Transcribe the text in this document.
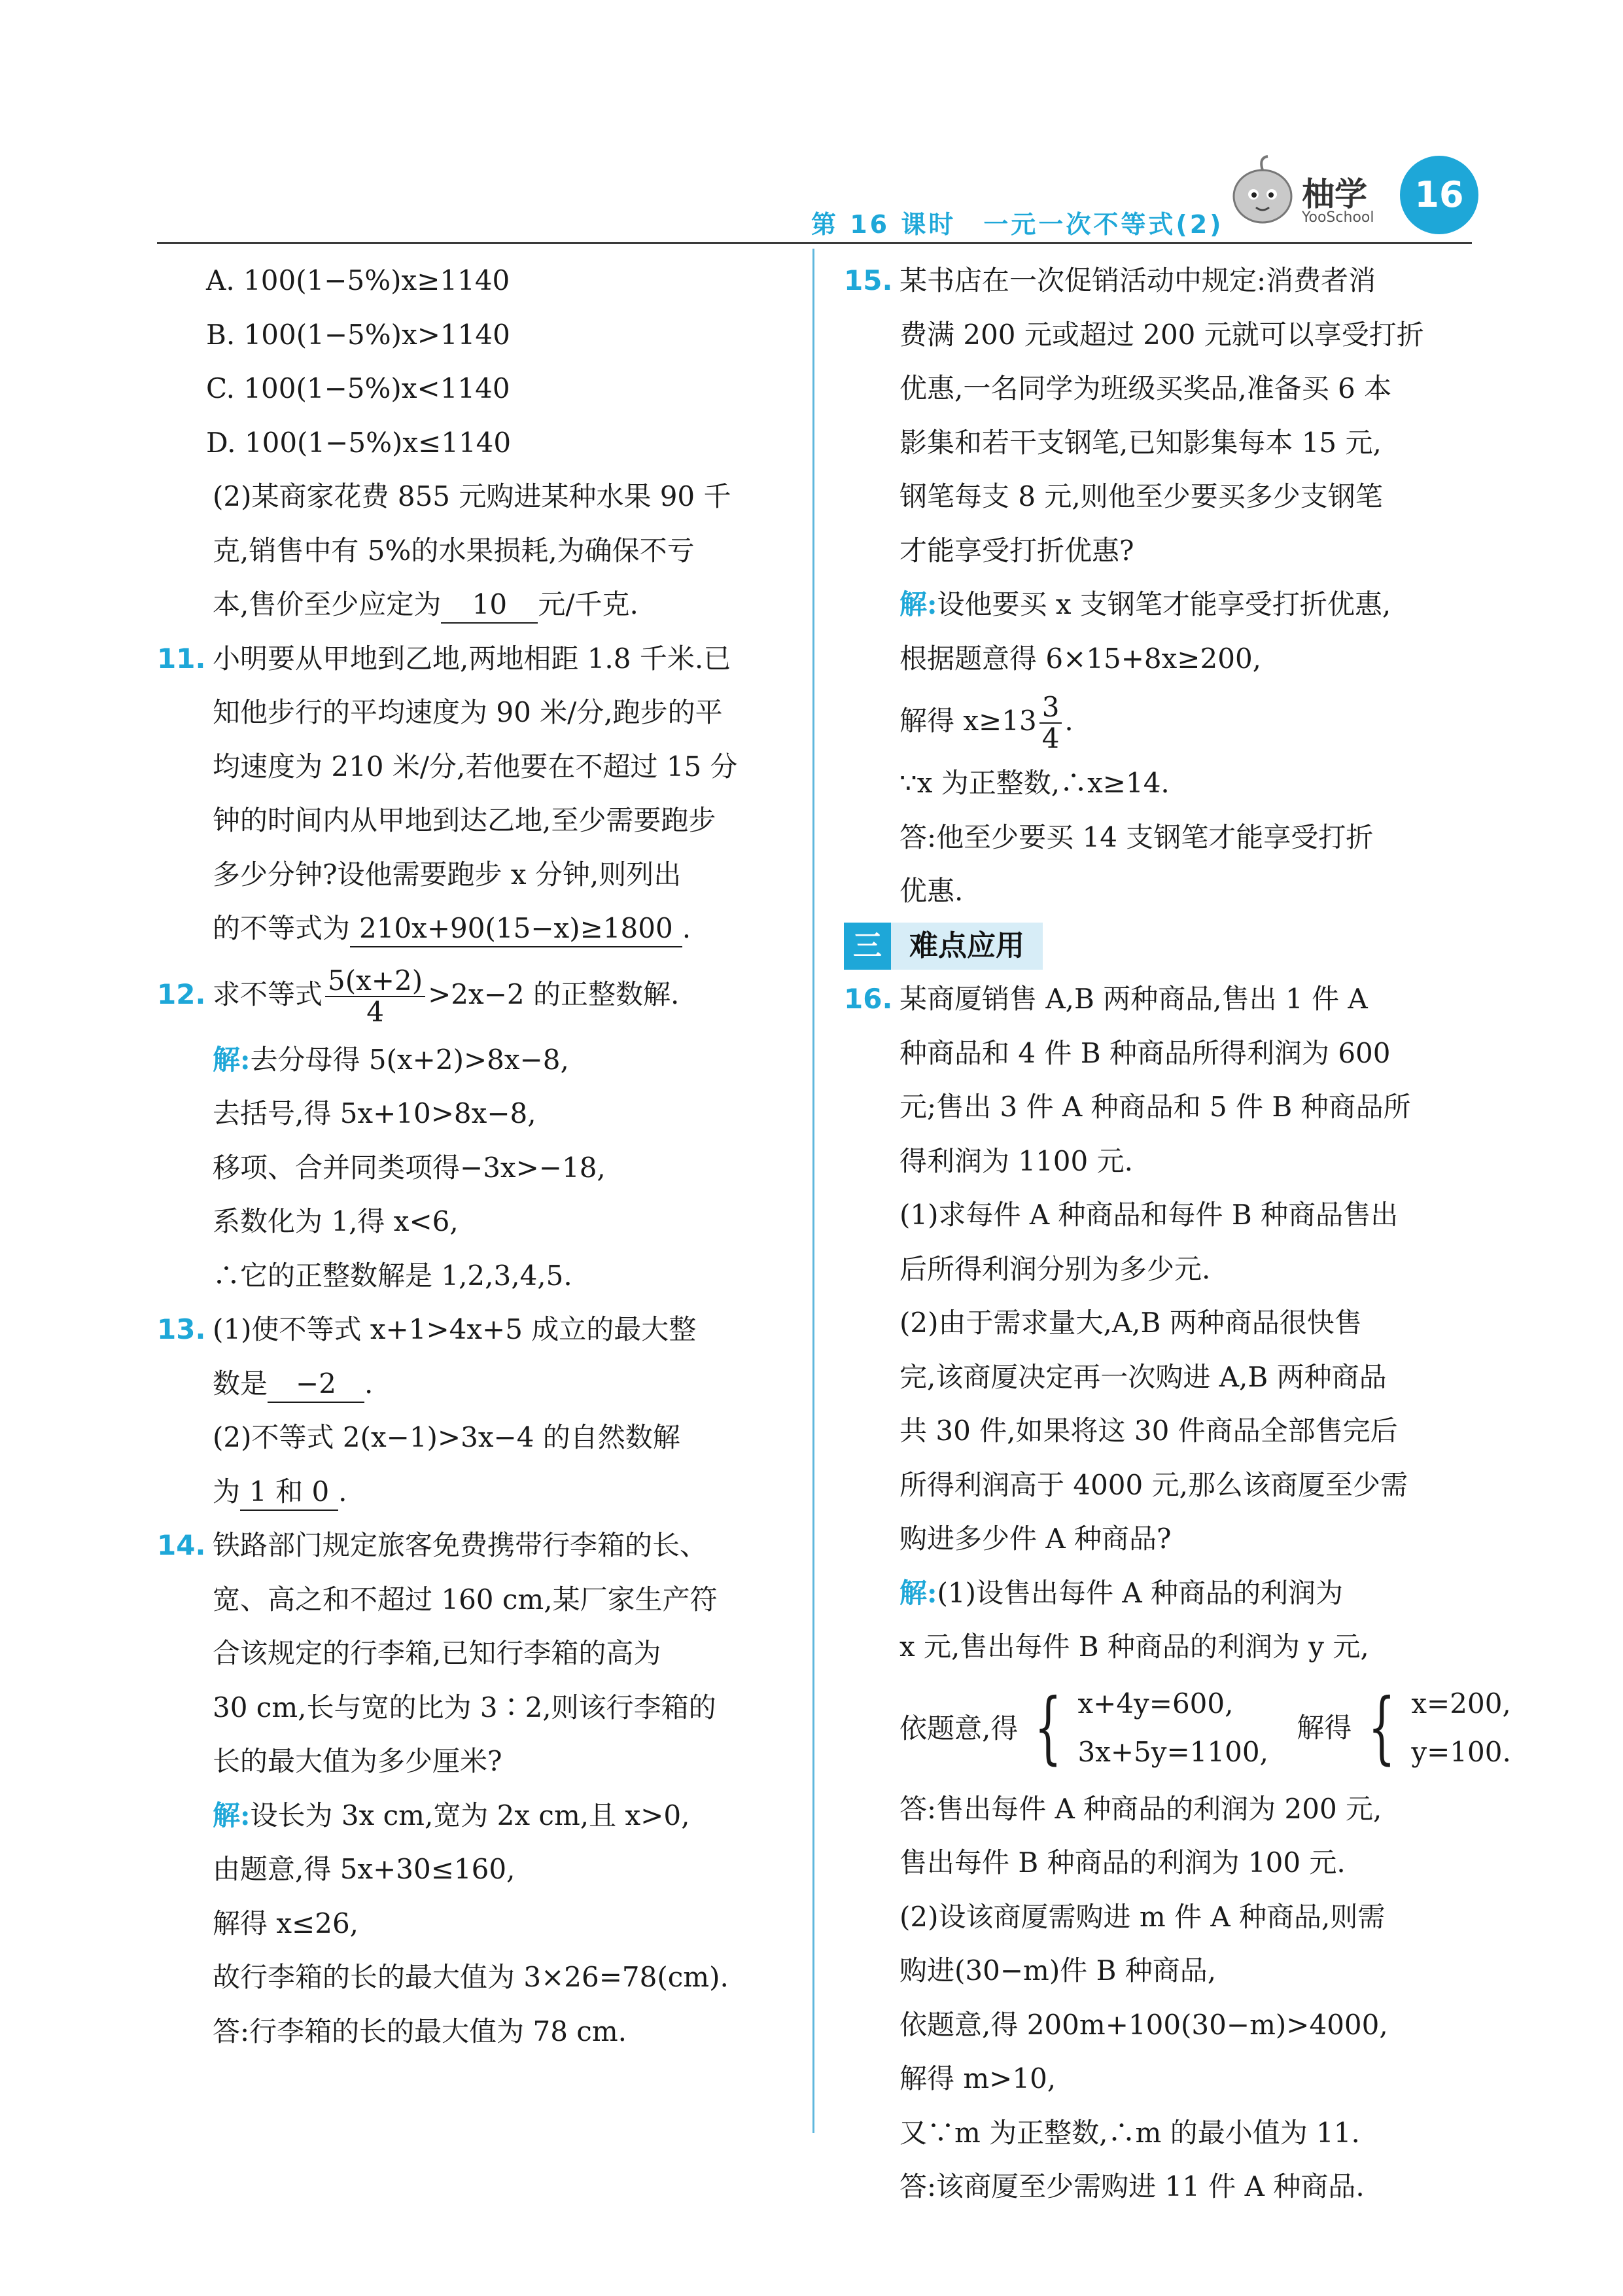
第 16 课时　一元一次不等式(2)
柚学
YooSchool
16
A. 100(1−5%)x≥1140
B. 100(1−5%)x>1140
C. 100(1−5%)x<1140
D. 100(1−5%)x≤1140
(2)某商家花费 855 元购进某种水果 90 千
克,销售中有 5%的水果损耗,为确保不亏
本,售价至少应定为 10 元/千克.
11. 小明要从甲地到乙地,两地相距 1.8 千米.已
知他步行的平均速度为 90 米/分,跑步的平
均速度为 210 米/分,若他要在不超过 15 分
钟的时间内从甲地到达乙地,至少需要跑步
多少分钟?设他需要跑步 x 分钟,则列出
的不等式为 210x+90(15−x)≥1800 .
12. 求不等式 $\frac{5(x+2)}{4} >2x-2$ 的正整数解.
解:去分母得 5(x+2)>8x−8,
去括号,得 5x+10>8x−8,
移项、合并同类项得−3x>−18,
系数化为 1,得 x<6,
∴它的正整数解是 1,2,3,4,5.
13. (1)使不等式 x+1>4x+5 成立的最大整
数是 −2 .
(2)不等式 2(x−1)>3x−4 的自然数解
为 1 和 0 .
14. 铁路部门规定旅客免费携带行李箱的长、
宽、高之和不超过 160 cm,某厂家生产符
合该规定的行李箱,已知行李箱的高为
30 cm,长与宽的比为 3∶2,则该行李箱的
长的最大值为多少厘米?
解:设长为 3x cm,宽为 2x cm,且 x>0,
由题意,得 5x+30≤160,
解得 x≤26,
故行李箱的长的最大值为 3×26=78(cm).
答:行李箱的长的最大值为 78 cm.
15. 某书店在一次促销活动中规定:消费者消
费满 200 元或超过 200 元就可以享受打折
优惠,一名同学为班级买奖品,准备买 6 本
影集和若干支钢笔,已知影集每本 15 元,
钢笔每支 8 元,则他至少要买多少支钢笔
才能享受打折优惠?
解:设他要买 x 支钢笔才能享受打折优惠,
根据题意得 6×15+8x≥200,
解得 $x\ge 13 \frac{3}{4}$ .
∵x 为正整数,∴x≥14.
答:他至少要买 14 支钢笔才能享受打折
优惠.
三 难点应用
16. 某商厦销售 A,B 两种商品,售出 1 件 A
种商品和 4 件 B 种商品所得利润为 600
元;售出 3 件 A 种商品和 5 件 B 种商品所
得利润为 1100 元.
(1)求每件 A 种商品和每件 B 种商品售出
后所得利润分别为多少元.
(2)由于需求量大,A,B 两种商品很快售
完,该商厦决定再一次购进 A,B 两种商品
共 30 件,如果将这 30 件商品全部售完后
所得利润高于 4000 元,那么该商厦至少需
购进多少件 A 种商品?
解:(1)设售出每件 A 种商品的利润为
x 元,售出每件 B 种商品的利润为 y 元,
依题意,得 { x+4y=600,
3x+5y=1100,
解得 { x=200,
y=100.
答:售出每件 A 种商品的利润为 200 元,
售出每件 B 种商品的利润为 100 元.
(2)设该商厦需购进 m 件 A 种商品,则需
购进(30−m)件 B 种商品,
依题意,得 200m+100(30−m)>4000,
解得 m>10,
又∵m 为正整数,∴m 的最小值为 11.
答:该商厦至少需购进 11 件 A 种商品.
